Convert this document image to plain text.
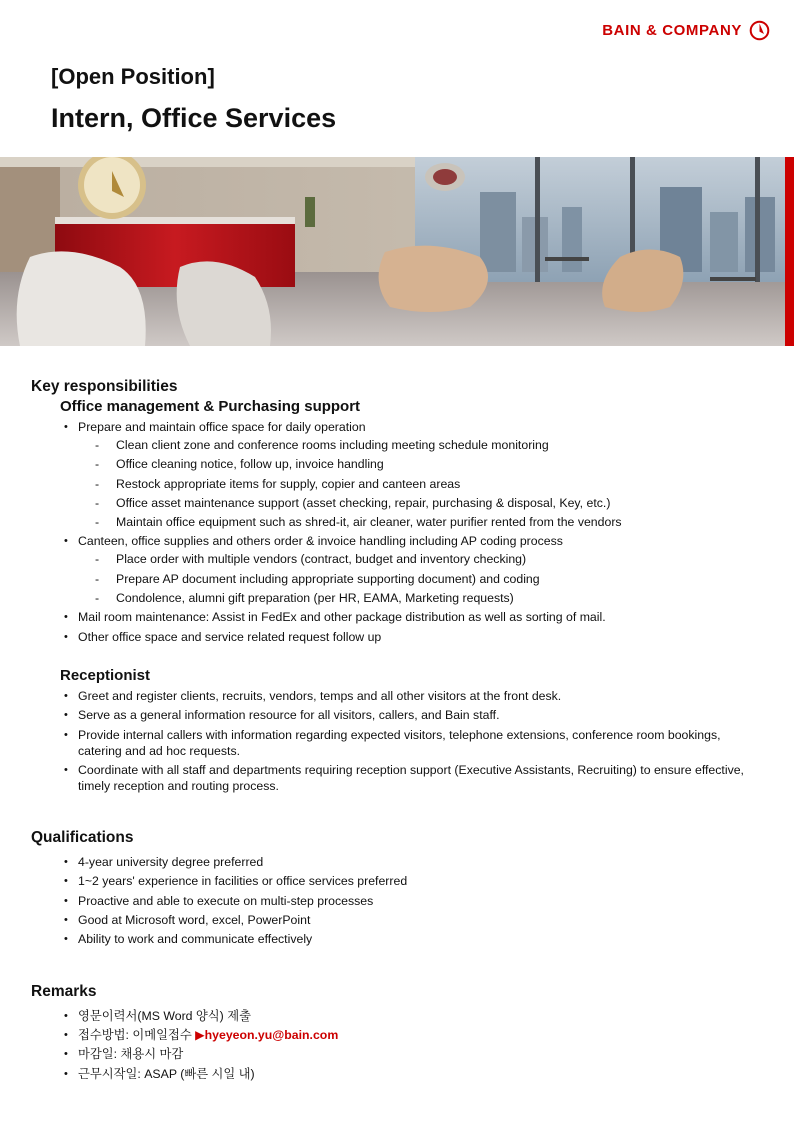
BAIN & COMPANY
[Open Position]
Intern, Office Services
Key responsibilities
Office management & Purchasing support
• Prepare and maintain office space for daily operation
- Clean client zone and conference rooms including meeting schedule monitoring
- Office cleaning notice, follow up, invoice handling
- Restock appropriate items for supply, copier and canteen areas
- Office asset maintenance support (asset checking, repair, purchasing & disposal, Key, etc.)
- Maintain office equipment such as shred-it, air cleaner, water purifier rented from the vendors
• Canteen, office supplies and others order & invoice handling including AP coding process
- Place order with multiple vendors (contract, budget and inventory checking)
- Prepare AP document including appropriate supporting document) and coding
- Condolence, alumni gift preparation (per HR, EAMA, Marketing requests)
• Mail room maintenance: Assist in FedEx and other package distribution as well as sorting of mail.
• Other office space and service related request follow up
Receptionist
• Greet and register clients, recruits, vendors, temps and all other visitors at the front desk.
• Serve as a general information resource for all visitors, callers, and Bain staff.
• Provide internal callers with information regarding expected visitors, telephone extensions, conference room bookings, catering and ad hoc requests.
• Coordinate with all staff and departments requiring reception support (Executive Assistants, Recruiting) to ensure effective, timely reception and routing process.
Qualifications
• 4-year university degree preferred
• 1~2 years' experience in facilities or office services preferred
• Proactive and able to execute on multi-step processes
• Good at Microsoft word, excel, PowerPoint
• Ability to work and communicate effectively
Remarks
• 영문이력서(MS Word 양식) 제출
• 접수방법: 이메일접수 ▶hyeyeon.yu@bain.com
• 마감일: 채용시 마감
• 근무시작일: ASAP (빠른 시일 내)
